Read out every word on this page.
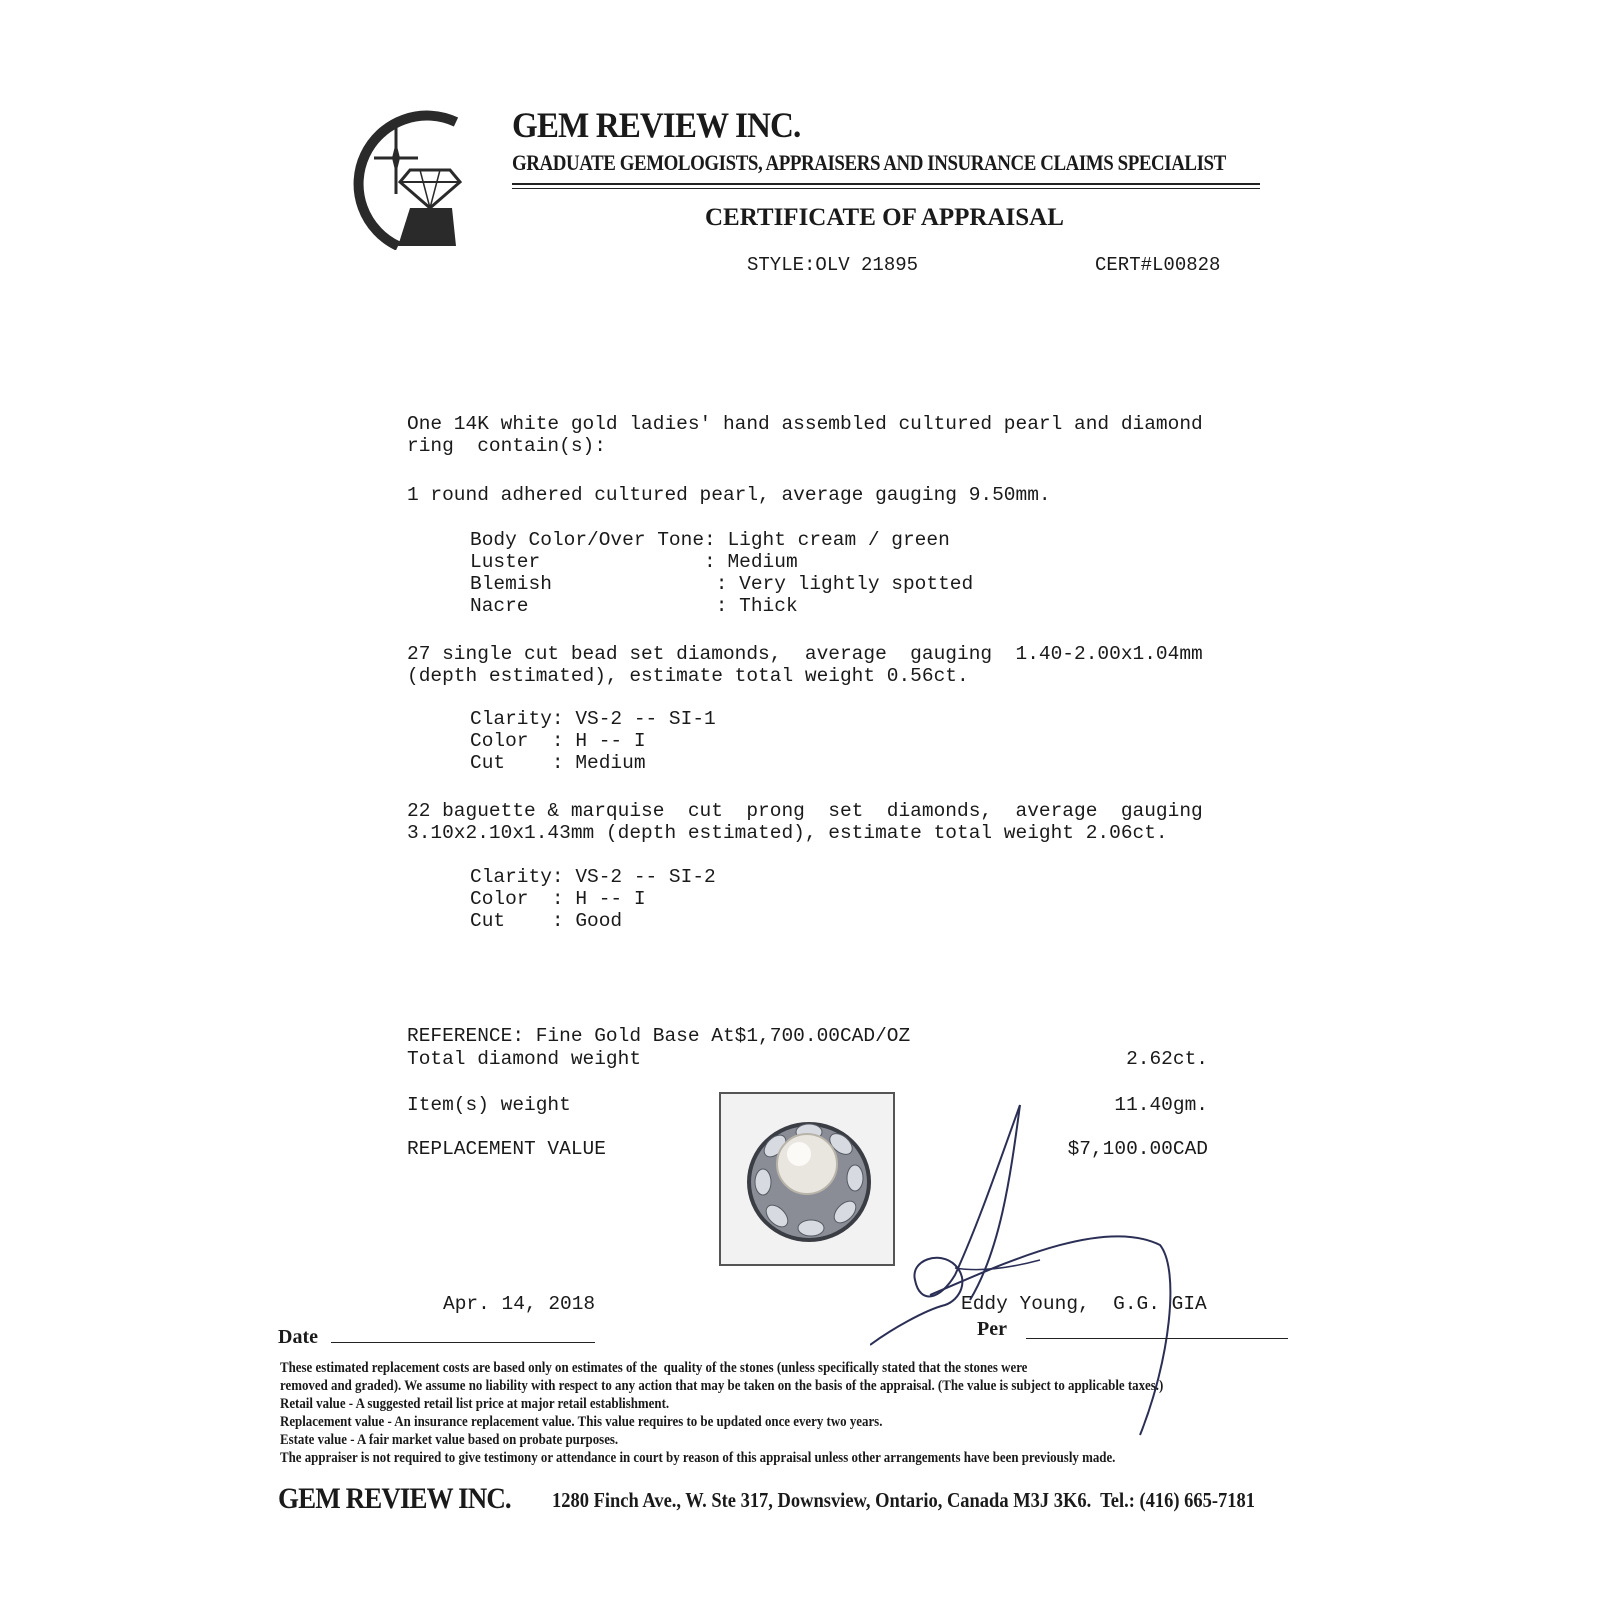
GEM REVIEW INC.
GRADUATE GEMOLOGISTS, APPRAISERS AND INSURANCE CLAIMS SPECIALIST
CERTIFICATE OF APPRAISAL
STYLE:OLV 21895	CERT#L00828
One 14K white gold ladies' hand assembled cultured pearl and diamond
ring  contain(s):
1 round adhered cultured pearl, average gauging 9.50mm.
Body Color/Over Tone: Light cream / green
Luster              : Medium
Blemish              : Very lightly spotted
Nacre                : Thick
27 single cut bead set diamonds,  average  gauging  1.40-2.00x1.04mm
(depth estimated), estimate total weight 0.56ct.
Clarity: VS-2 -- SI-1
Color  : H -- I
Cut    : Medium
22 baguette & marquise  cut  prong  set  diamonds,  average  gauging
3.10x2.10x1.43mm (depth estimated), estimate total weight 2.06ct.
Clarity: VS-2 -- SI-2
Color  : H -- I
Cut    : Good
REFERENCE: Fine Gold Base At$1,700.00CAD/OZ
Total diamond weight	2.62ct.
Item(s) weight	11.40gm.
REPLACEMENT VALUE	$7,100.00CAD
Apr. 14, 2018	Eddy Young,  G.G. GIA
Date	Per
These estimated replacement costs are based only on estimates of the  quality of the stones (unless specifically stated that the stones were
removed and graded). We assume no liability with respect to any action that may be taken on the basis of the appraisal. (The value is subject to applicable taxes.)
Retail value - A suggested retail list price at major retail establishment.
Replacement value - An insurance replacement value. This value requires to be updated once every two years.
Estate value - A fair market value based on probate purposes.
The appraiser is not required to give testimony or attendance in court by reason of this appraisal unless other arrangements have been previously made.
GEM REVIEW INC. 1280 Finch Ave., W. Ste 317, Downsview, Ontario, Canada M3J 3K6.  Tel.: (416) 665-7181
